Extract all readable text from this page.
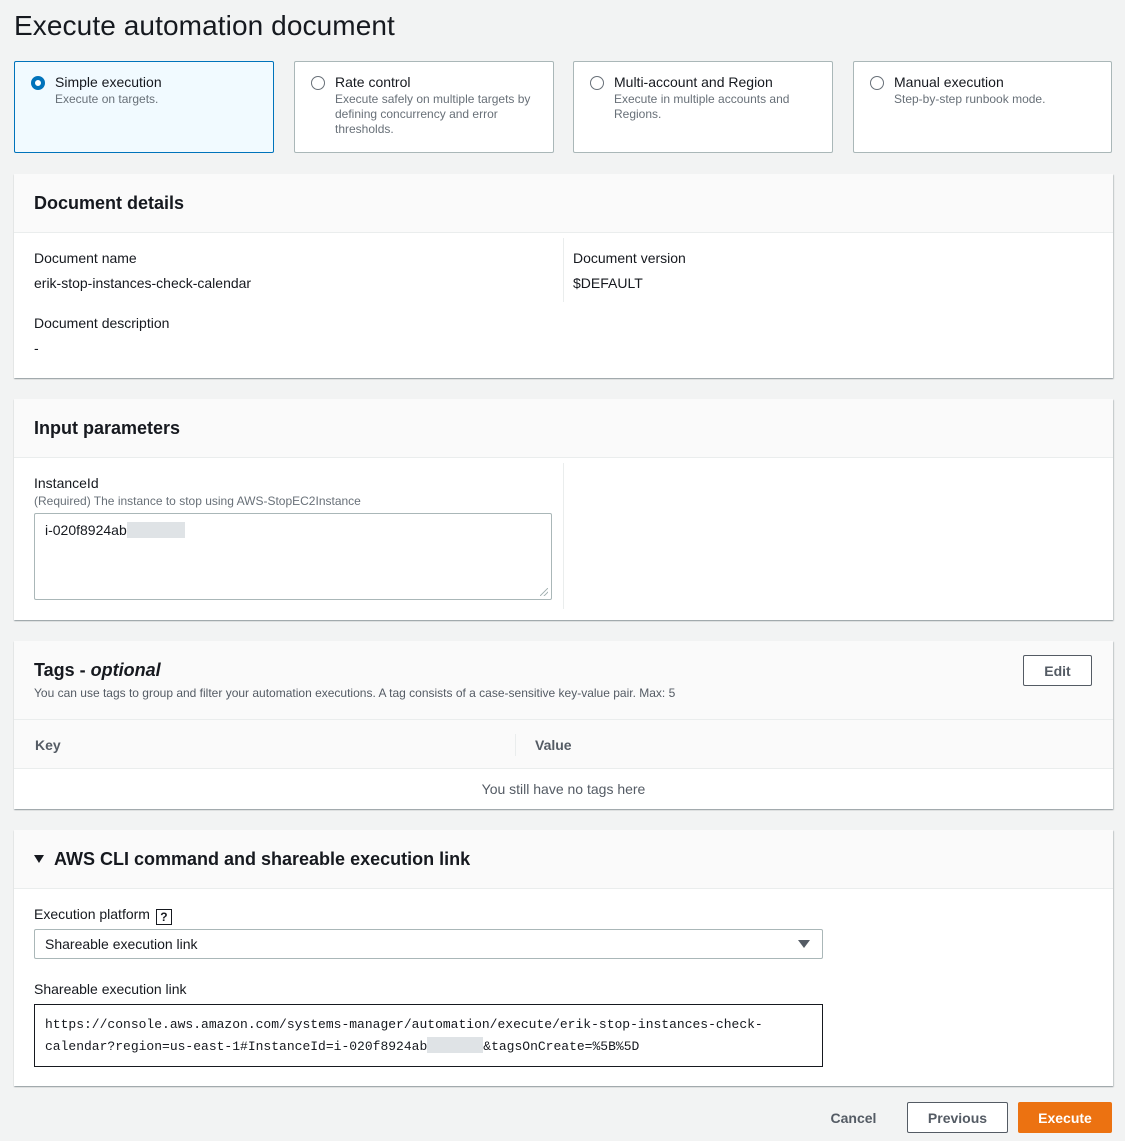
Execute automation document
Simple execution
Execute on targets.
Rate control
Execute safely on multiple targets by defining concurrency and error thresholds.
Multi-account and Region
Execute in multiple accounts and Regions.
Manual execution
Step-by-step runbook mode.
Document details
Document name
erik-stop-instances-check-calendar
Document version
$DEFAULT
Document description
-
Input parameters
InstanceId
(Required) The instance to stop using AWS-StopEC2Instance
i-020f8924ab
Tags - optional
You can use tags to group and filter your automation executions. A tag consists of a case-sensitive key-value pair. Max: 5
Edit
Key	Value
You still have no tags here
AWS CLI command and shareable execution link
Execution platform ?
Shareable execution link
Shareable execution link
https://console.aws.amazon.com/systems-manager/automation/execute/erik-stop-instances-check-
calendar?region=us-east-1#InstanceId=i-020f8924ab	&tagsOnCreate=%5B%5D
Cancel	Previous	Execute
